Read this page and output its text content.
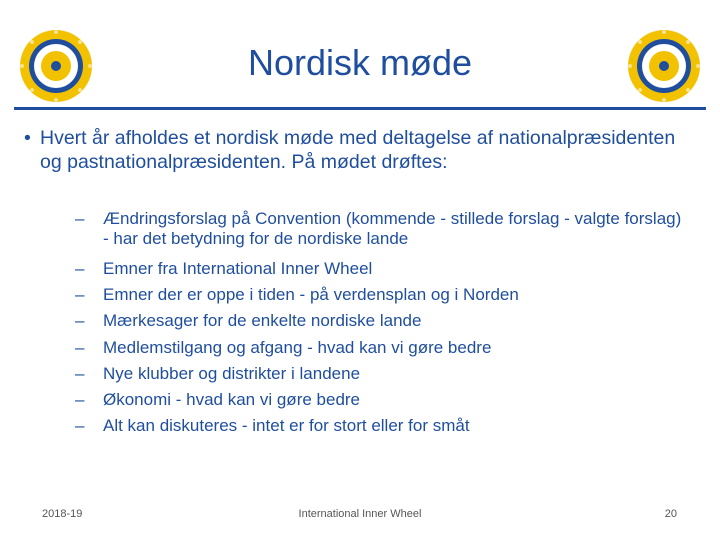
Nordisk møde
• Hvert år afholdes et nordisk møde med deltagelse af nationalpræsidenten og pastnationalpræsidenten. På mødet drøftes:
– Ændringsforslag på Convention (kommende - stillede forslag - valgte forslag) - har det betydning for de nordiske lande
– Emner fra International Inner Wheel
– Emner der er oppe i tiden - på verdensplan og i Norden
– Mærkesager for de enkelte nordiske lande
– Medlemstilgang og afgang - hvad kan vi gøre bedre
– Nye klubber og distrikter i landene
– Økonomi - hvad kan vi gøre bedre
– Alt kan diskuteres - intet er for stort eller for småt
2018-19	International Inner Wheel	20
